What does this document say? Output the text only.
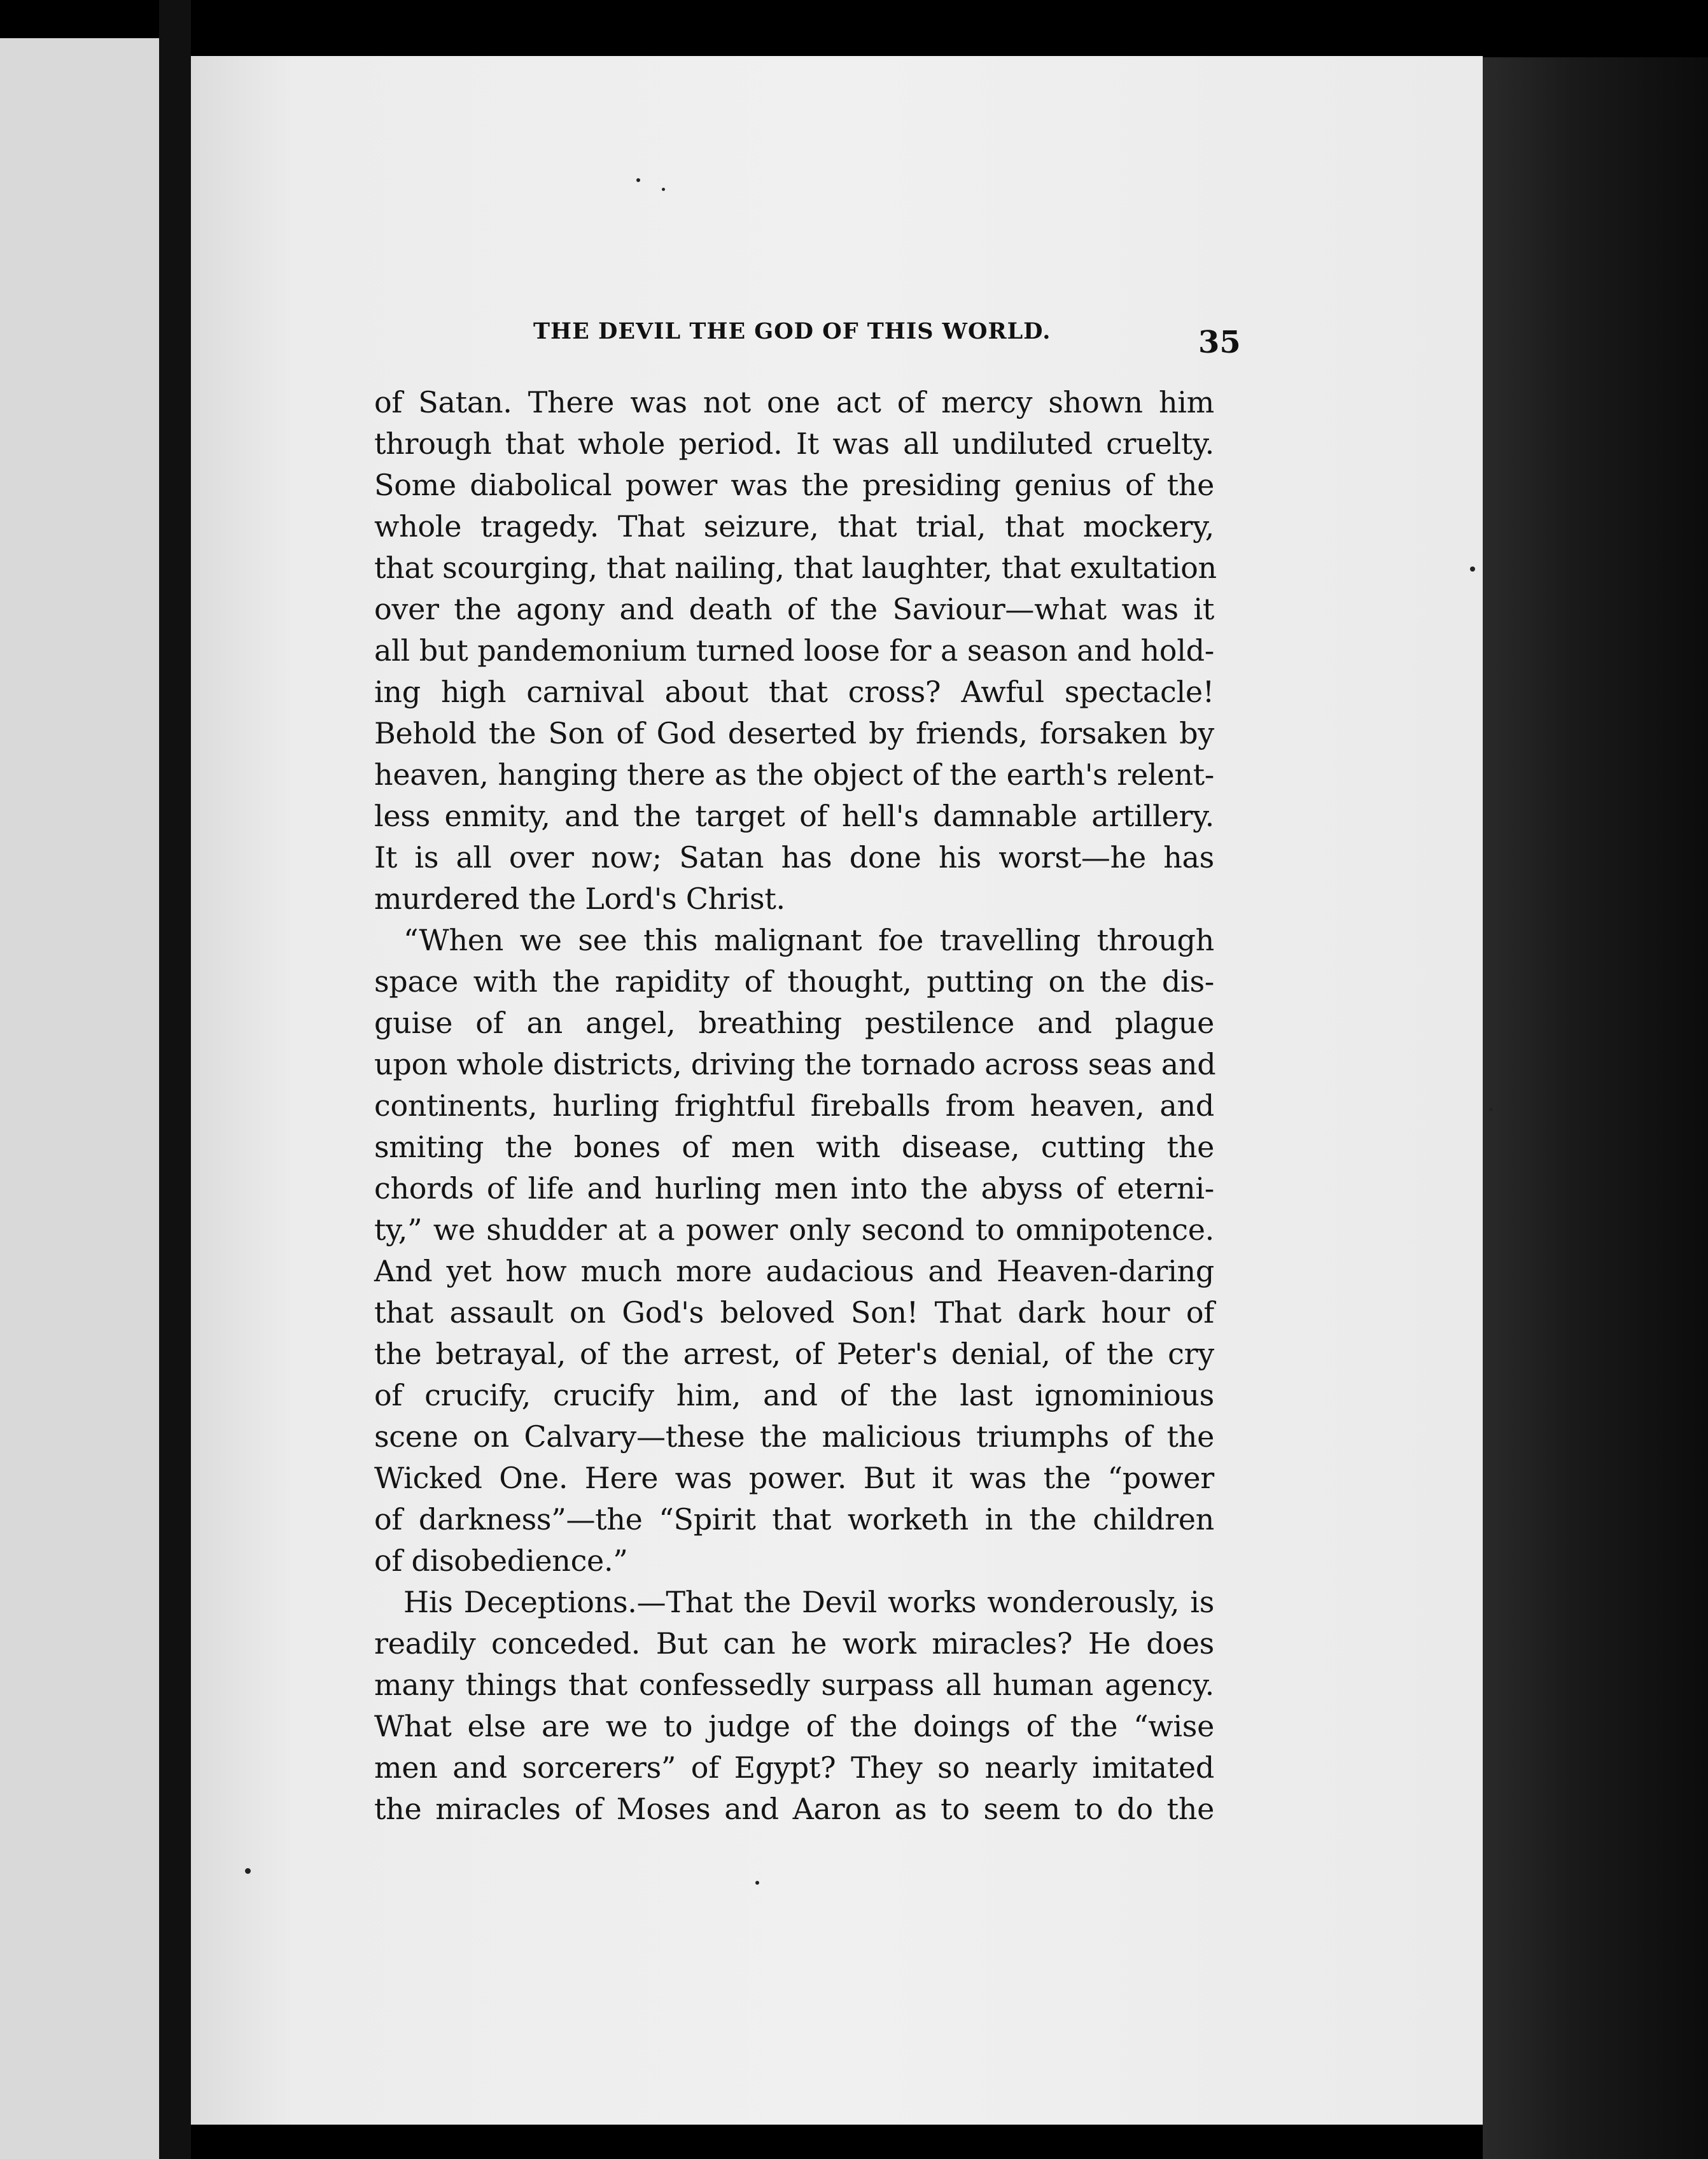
THE DEVIL THE GOD OF THIS WORLD.	35
of Satan. There was not one act of mercy shown him
through that whole period. It was all undiluted cruelty.
Some diabolical power was the presiding genius of the
whole tragedy. That seizure, that trial, that mockery,
that scourging, that nailing, that laughter, that exultation
over the agony and death of the Saviour—what was it
all but pandemonium turned loose for a season and hold-
ing high carnival about that cross? Awful spectacle!
Behold the Son of God deserted by friends, forsaken by
heaven, hanging there as the object of the earth's relent-
less enmity, and the target of hell's damnable artillery.
It is all over now; Satan has done his worst—he has
murdered the Lord's Christ.
“When we see this malignant foe travelling through
space with the rapidity of thought, putting on the dis-
guise of an angel, breathing pestilence and plague
upon whole districts, driving the tornado across seas and
continents, hurling frightful fireballs from heaven, and
smiting the bones of men with disease, cutting the
chords of life and hurling men into the abyss of eterni-
ty,” we shudder at a power only second to omnipotence.
And yet how much more audacious and Heaven-daring
that assault on God's beloved Son! That dark hour of
the betrayal, of the arrest, of Peter's denial, of the cry
of crucify, crucify him, and of the last ignominious
scene on Calvary—these the malicious triumphs of the
Wicked One. Here was power. But it was the “power
of darkness”—the “Spirit that worketh in the children
of disobedience.”
His Deceptions.—That the Devil works wonderously, is
readily conceded. But can he work miracles? He does
many things that confessedly surpass all human agency.
What else are we to judge of the doings of the “wise
men and sorcerers” of Egypt? They so nearly imitated
the miracles of Moses and Aaron as to seem to do the
